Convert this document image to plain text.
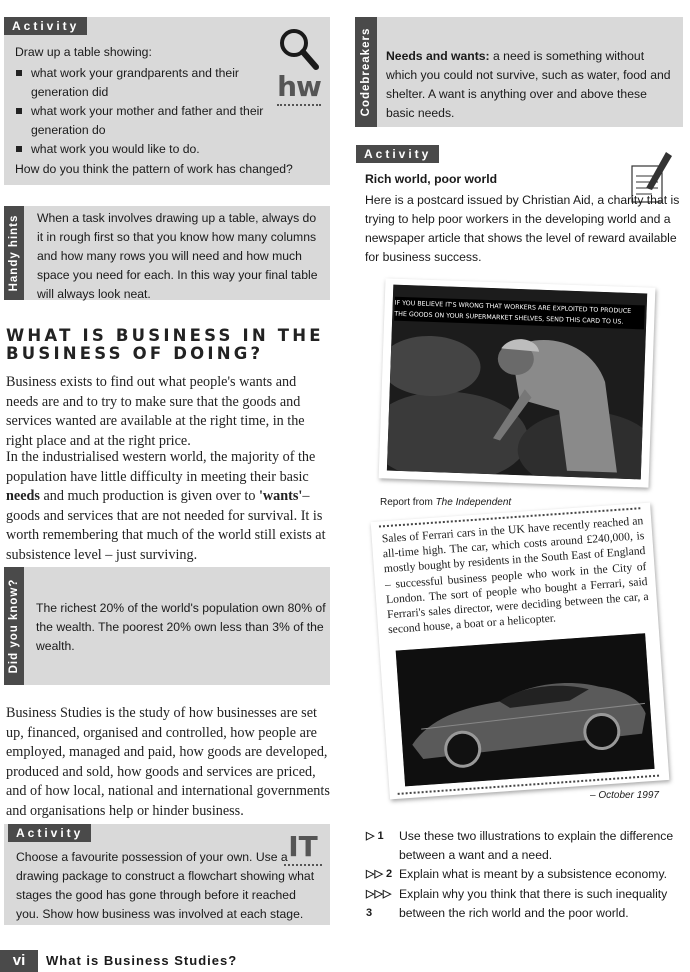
Activity
Draw up a table showing:
what work your grandparents and their generation did
what work your mother and father and their generation do
what work you would like to do.
How do you think the pattern of work has changed?
hw
Handy hints When a task involves drawing up a table, always do it in rough first so that you know how many columns and how many rows you will need and how much space you need for each. In this way your final table will always look neat.
WHAT IS BUSINESS IN THE
BUSINESS OF DOING?
Business exists to find out what people's wants and needs are and to try to make sure that the goods and services wanted are available at the right time, in the right place and at the right price.
In the industrialised western world, the majority of the population have little difficulty in meeting their basic needs and much production is given over to 'wants'– goods and services that are not needed for survival. It is worth remembering that much of the world still exists at subsistence level – just surviving.
Did you know? The richest 20% of the world's population own 80% of the wealth. The poorest 20% own less than 3% of the wealth.
Business Studies is the study of how businesses are set up, financed, organised and controlled, how people are employed, managed and paid, how goods are developed, produced and sold, how goods and services are priced, and of how local, national and international governments and organisations help or hinder business.
Activity
Choose a favourite possession of your own. Use a drawing package to construct a flowchart showing what stages the good has gone through before it reached you. Show how business was involved at each stage.
IT
vi	What is Business Studies?
Codebreakers Needs and wants: a need is something without which you could not survive, such as water, food and shelter. A want is anything over and above these basic needs.
Activity
Rich world, poor world
Here is a postcard issued by Christian Aid, a charity that is trying to help poor workers in the developing world and a newspaper article that shows the level of reward available for business success.
IF YOU BELIEVE IT'S WRONG THAT WORKERS ARE EXPLOITED TO PRODUCE
THE GOODS ON YOUR SUPERMARKET SHELVES, SEND THIS CARD TO US.
Report from The Independent
Sales of Ferrari cars in the UK have recently reached an all-time high. The car, which costs around £240,000, is mostly bought by residents in the South East of England – successful business people who work in the City of London. The sort of people who bought a Ferrari, said Ferrari's sales director, were deciding between the car, a second house, a boat or a helicopter.
– October 1997
▷ 1	Use these two illustrations to explain the difference between a want and a need.
▷▷ 2 Explain what is meant by a subsistence economy.
▷▷▷ 3
Explain why you think that there is such inequality between the rich world and the poor world.
